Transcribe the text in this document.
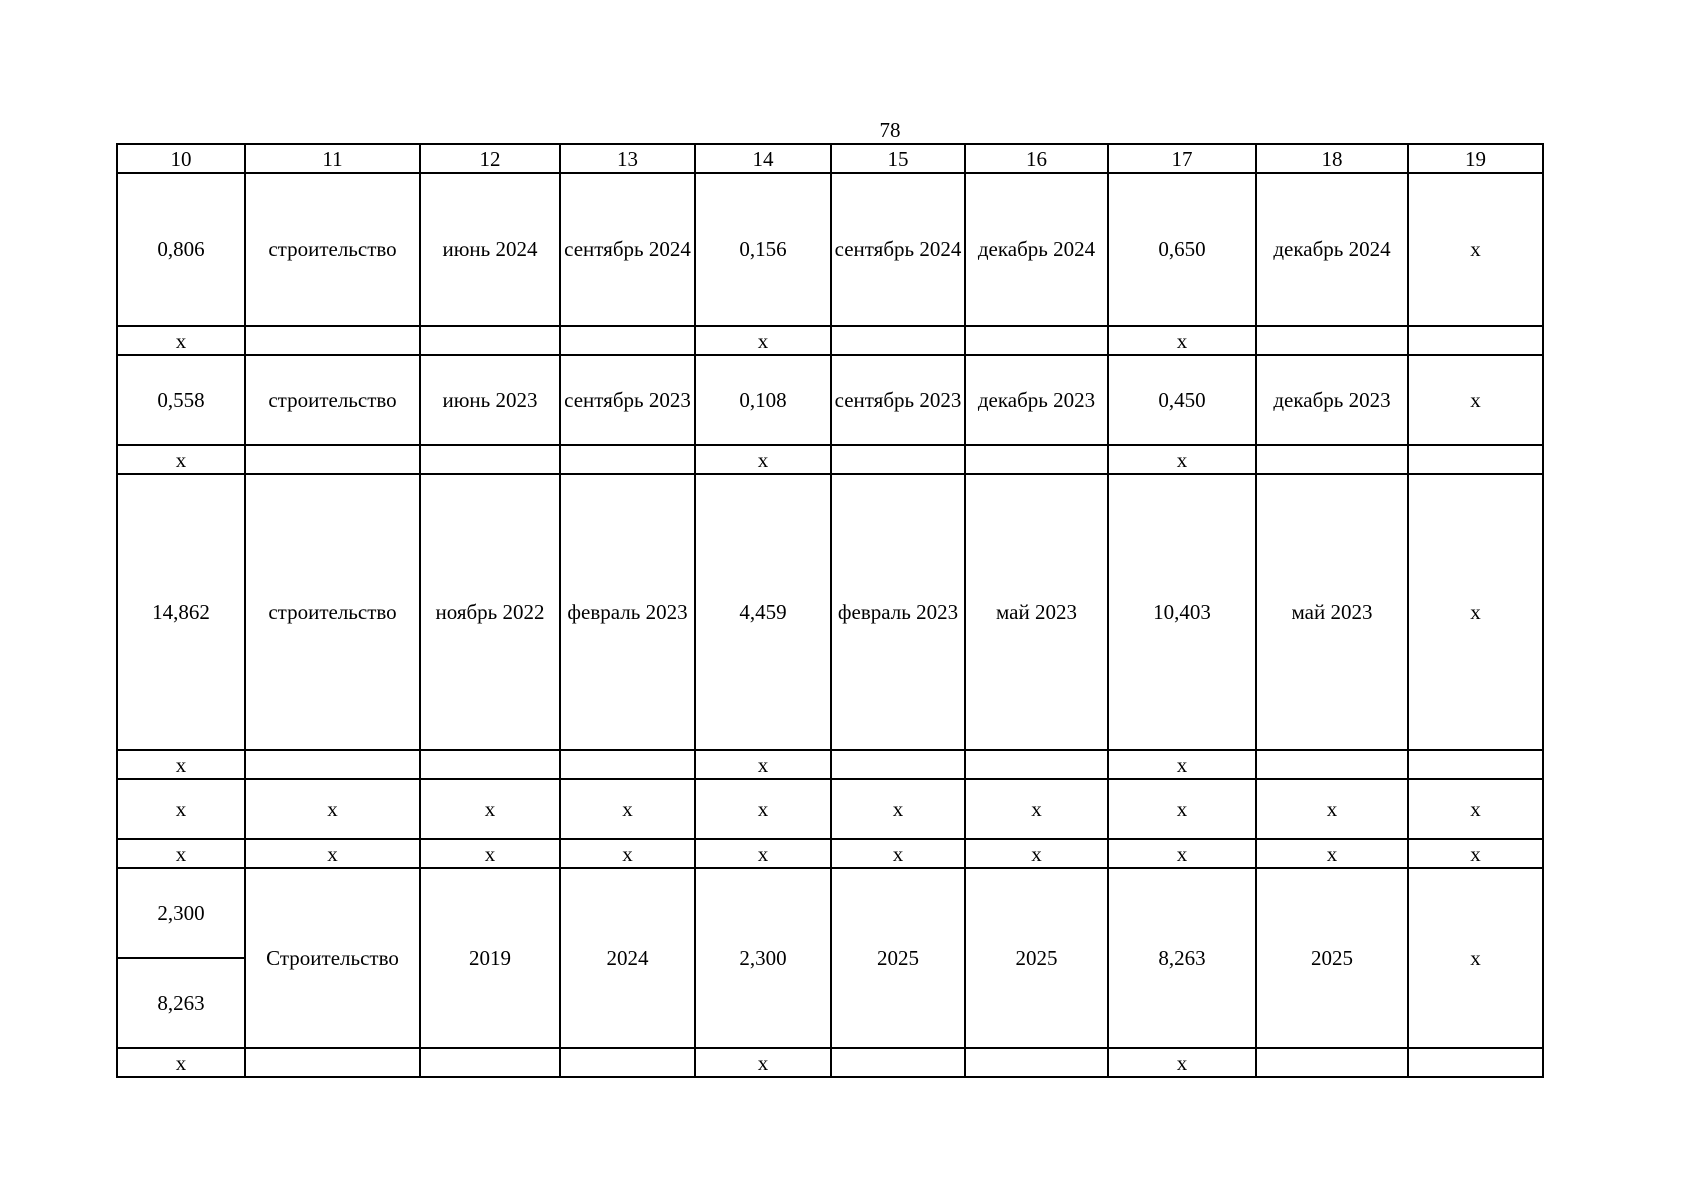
78
10	11	12	13	14	15	16	17	18	19
0,806	строительство	июнь 2024	сентябрь 2024	0,156	сентябрь 2024	декабрь 2024	0,650	декабрь 2024	x
x				x			x		
0,558	строительство	июнь 2023	сентябрь 2023	0,108	сентябрь 2023	декабрь 2023	0,450	декабрь 2023	x
x				x			x		
14,862	строительство	ноябрь 2022	февраль 2023	4,459	февраль 2023	май 2023	10,403	май 2023	x
x				x			x		
x	x	x	x	x	x	x	x	x	x
x	x	x	x	x	x	x	x	x	x
2,300	Строительство	2019	2024	2,300	2025	2025	8,263	2025	x
8,263									
x				x			x		
